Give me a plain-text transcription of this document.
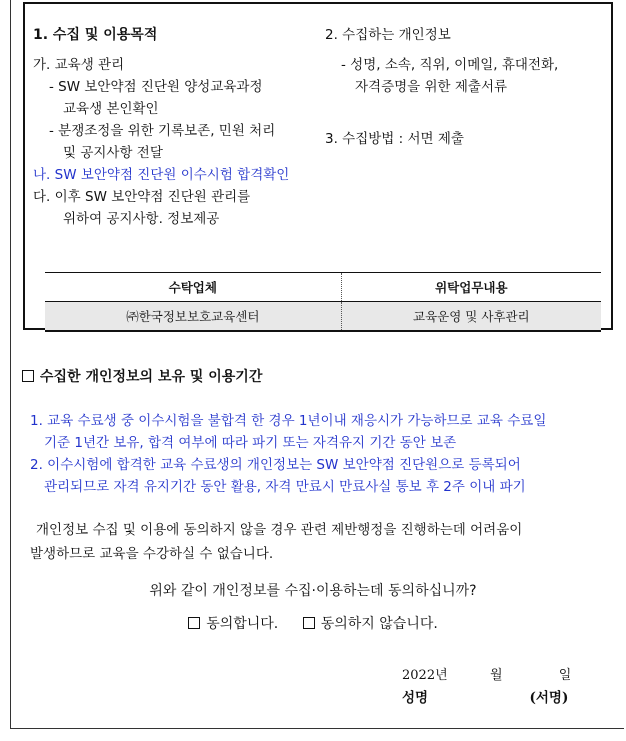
1. 수집 및 이용목적
가. 교육생 관리
- SW 보안약점 진단원 양성교육과정
교육생 본인확인
- 분쟁조정을 위한 기록보존, 민원 처리
및 공지사항 전달
나. SW 보안약점 진단원 이수시험 합격확인
다. 이후 SW 보안약점 진단원 관리를
위하여 공지사항. 정보제공
2. 수집하는 개인정보
- 성명, 소속, 직위, 이메일, 휴대전화,
자격증명을 위한 제출서류
3. 수집방법 : 서면 제출
수탁업체	위탁업무내용
㈜한국정보보호교육센터	교육운영 및 사후관리
수집한 개인정보의 보유 및 이용기간
1. 교육 수료생 중 이수시험을 불합격 한 경우 1년이내 재응시가 가능하므로 교육 수료일
기준 1년간 보유, 합격 여부에 따라 파기 또는 자격유지 기간 동안 보존
2. 이수시험에 합격한 교육 수료생의 개인정보는 SW 보안약점 진단원으로 등록되어
관리되므로 자격 유지기간 동안 활용, 자격 만료시 만료사실 통보 후 2주 이내 파기
개인정보 수집 및 이용에 동의하지 않을 경우 관련 제반행정을 진행하는데 어려움이
발생하므로 교육을 수강하실 수 없습니다.
위와 같이 개인정보를 수집·이용하는데 동의하십니까?
동의합니다.	동의하지 않습니다.
2022년	월	일
성명	(서명)
